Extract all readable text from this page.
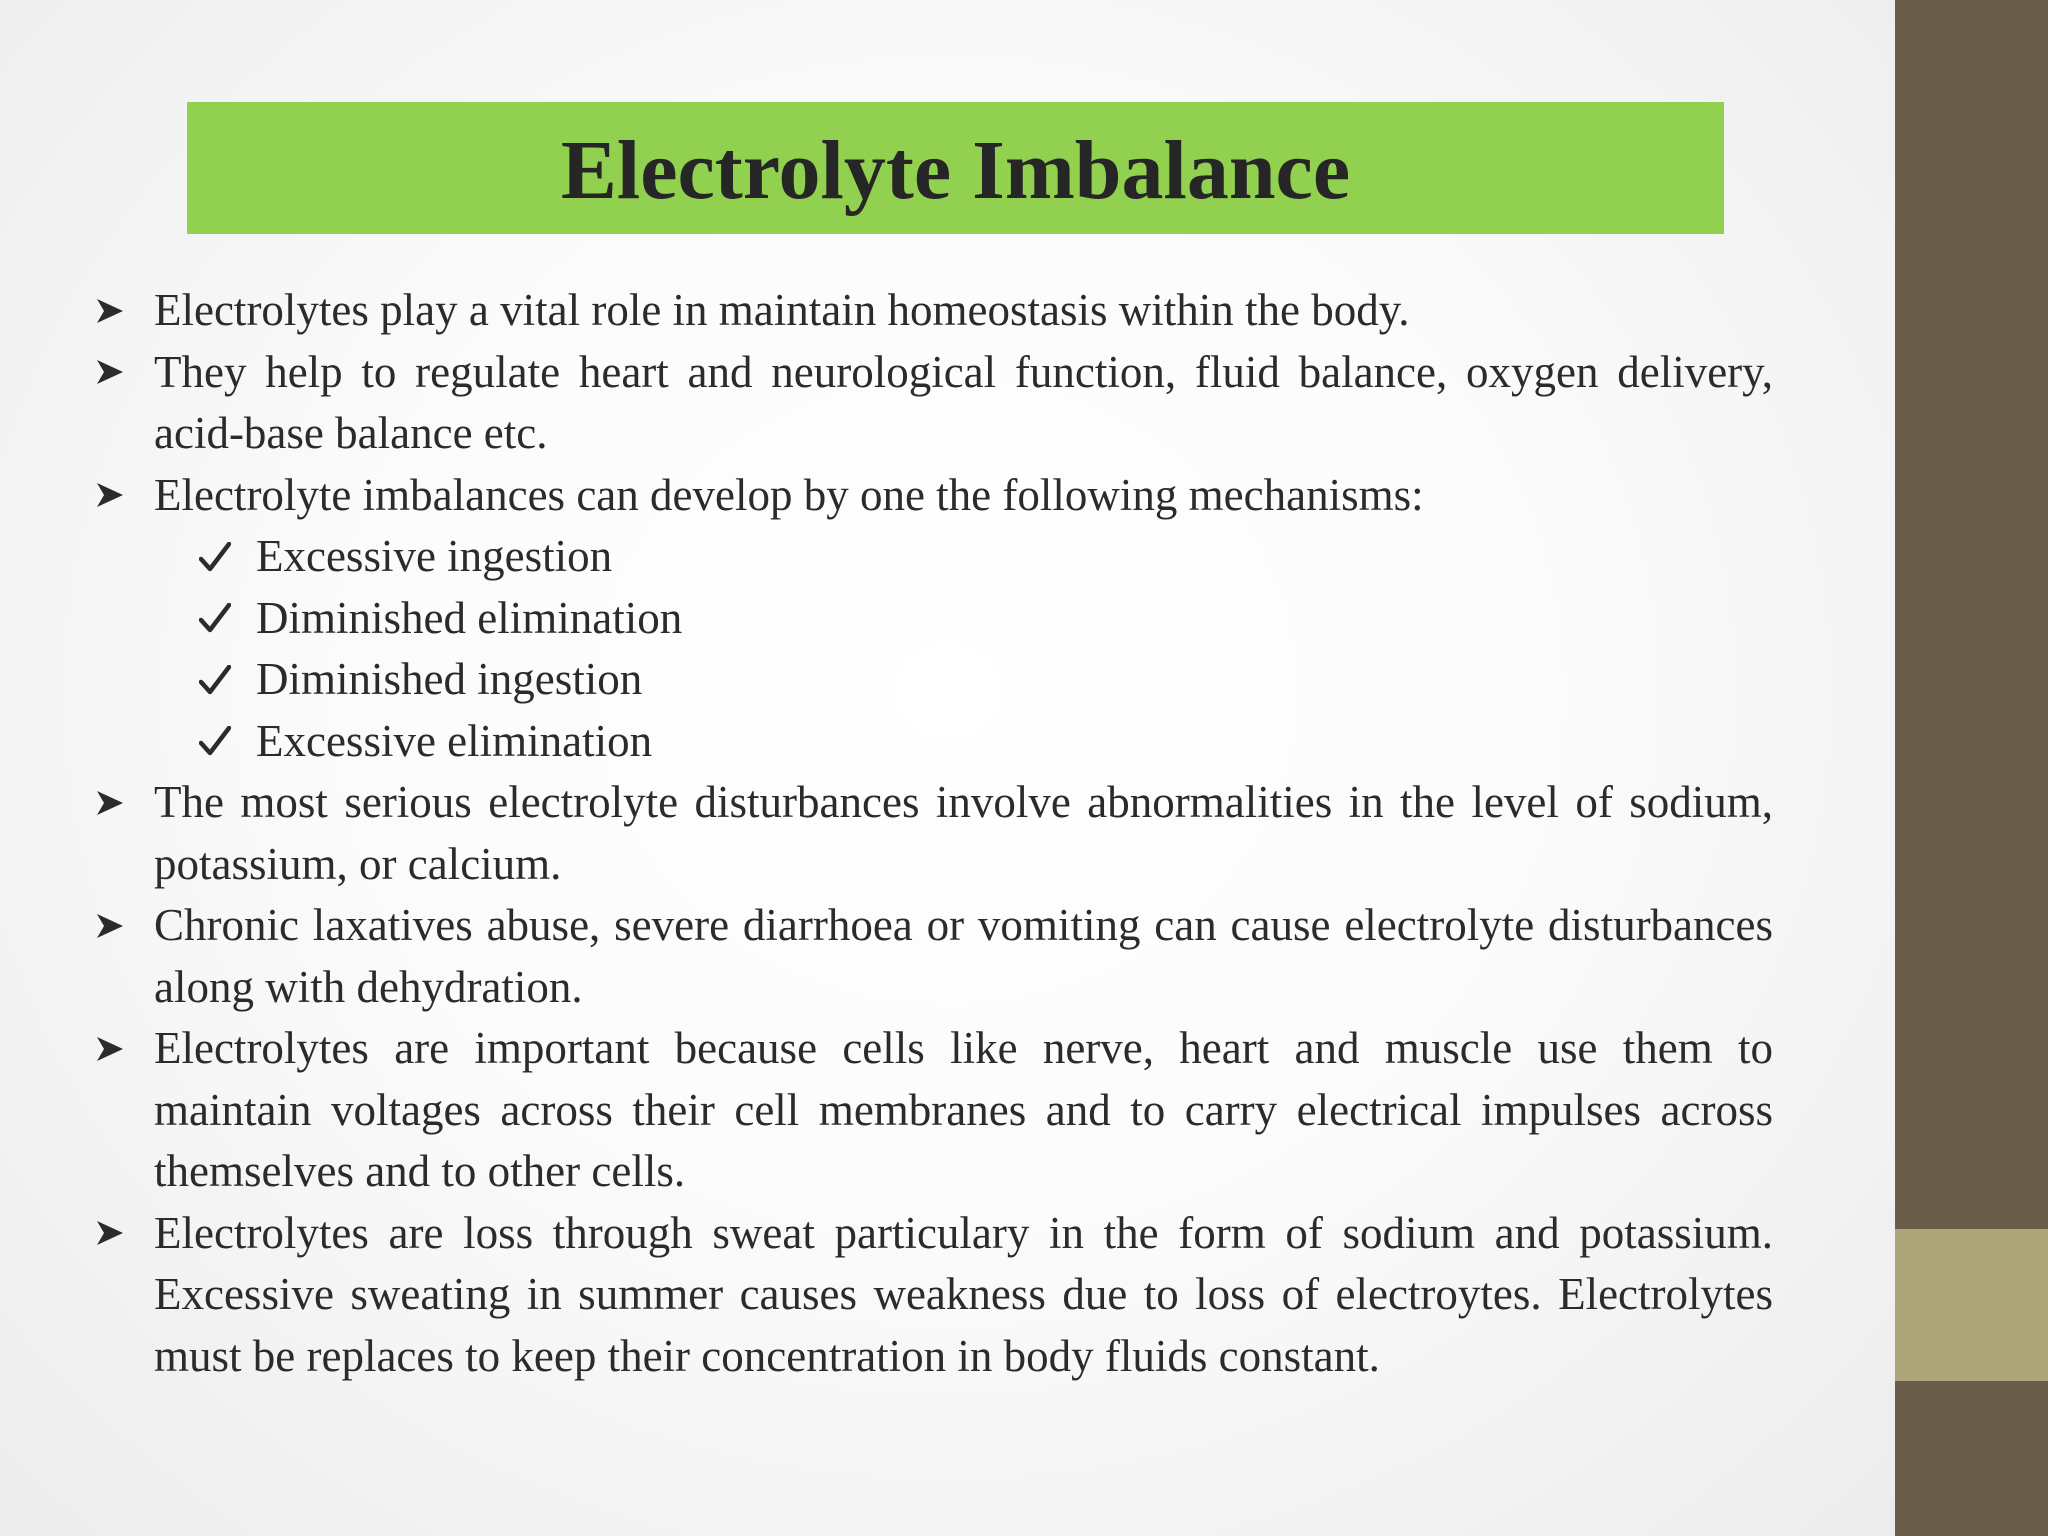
Electrolyte Imbalance
Electrolytes play a vital role in maintain homeostasis within the body.
They help to regulate heart and neurological function, fluid balance, oxygen delivery, acid-base balance etc.
Electrolyte imbalances can develop by one the following mechanisms:
Excessive ingestion
Diminished elimination
Diminished ingestion
Excessive elimination
The most serious electrolyte disturbances involve abnormalities in the level of sodium, potassium, or calcium.
Chronic laxatives abuse, severe diarrhoea or vomiting can cause electrolyte disturbances along with dehydration.
Electrolytes are important because cells like nerve, heart and muscle use them to maintain voltages across their cell membranes and to carry electrical impulses across themselves and to other cells.
Electrolytes are loss through sweat particulary in the form of sodium and potassium. Excessive sweating in summer causes weakness due to loss of electroytes. Electrolytes must be replaces to keep their concentration in body fluids constant.
